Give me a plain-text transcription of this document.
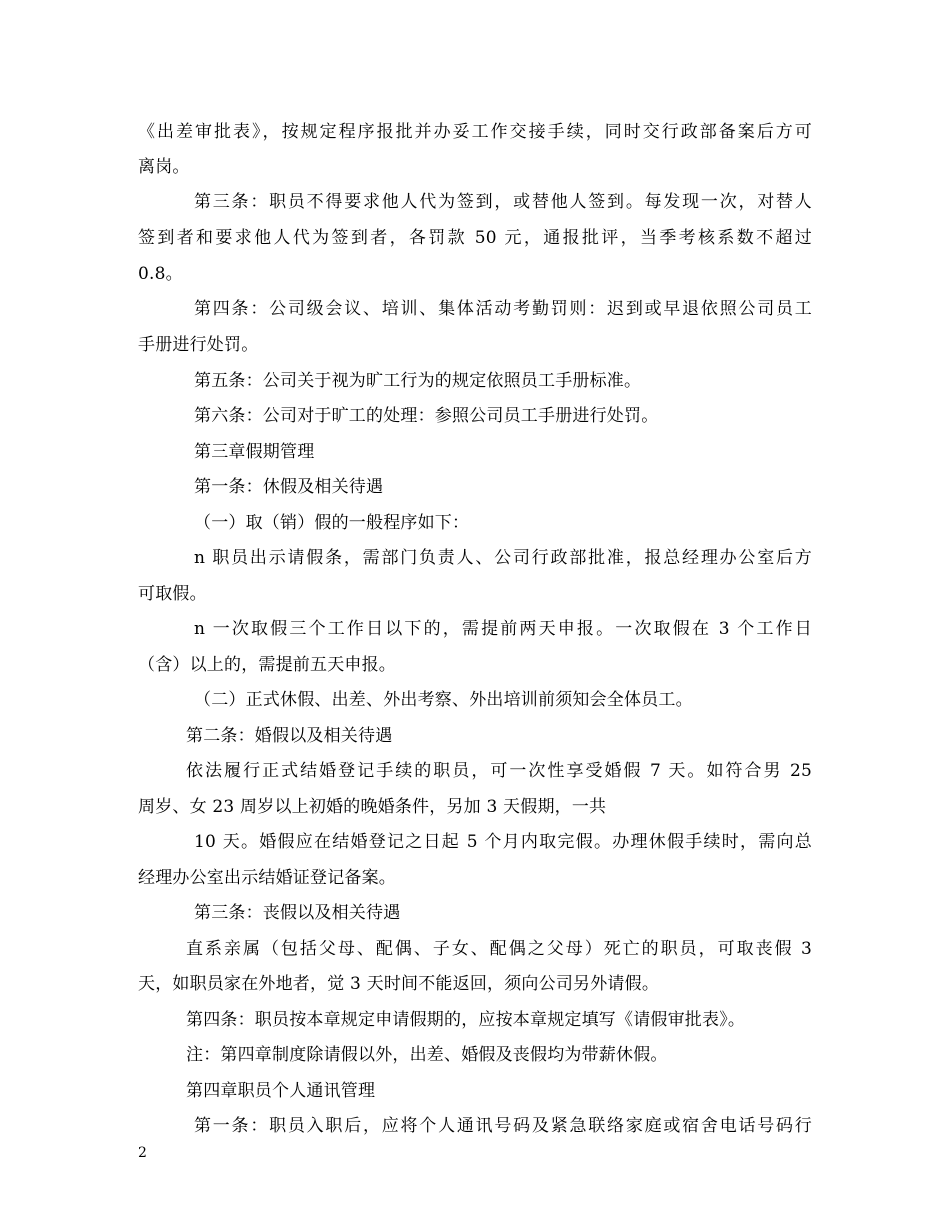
《出差审批表》，按规定程序报批并办妥工作交接手续，同时交行政部备案后方可
离岗。
第三条：职员不得要求他人代为签到，或替他人签到。每发现一次，对替人
签到者和要求他人代为签到者，各罚款 50 元，通报批评，当季考核系数不超过
0.8。
第四条：公司级会议、培训、集体活动考勤罚则：迟到或早退依照公司员工
手册进行处罚。
第五条：公司关于视为旷工行为的规定依照员工手册标准。
第六条：公司对于旷工的处理：参照公司员工手册进行处罚。
第三章假期管理
第一条：休假及相关待遇
（一）取（销）假的一般程序如下：
n 职员出示请假条，需部门负责人、公司行政部批准，报总经理办公室后方
可取假。
n 一次取假三个工作日以下的，需提前两天申报。一次取假在 3 个工作日
（含）以上的，需提前五天申报。
（二）正式休假、出差、外出考察、外出培训前须知会全体员工。
第二条：婚假以及相关待遇
依法履行正式结婚登记手续的职员，可一次性享受婚假 7 天。如符合男 25
周岁、女 23 周岁以上初婚的晚婚条件，另加 3 天假期，一共
10 天。婚假应在结婚登记之日起 5 个月内取完假。办理休假手续时，需向总
经理办公室出示结婚证登记备案。
第三条：丧假以及相关待遇
直系亲属（包括父母、配偶、子女、配偶之父母）死亡的职员，可取丧假 3
天，如职员家在外地者，觉 3 天时间不能返回，须向公司另外请假。
第四条：职员按本章规定申请假期的，应按本章规定填写《请假审批表》。
注：第四章制度除请假以外，出差、婚假及丧假均为带薪休假。
第四章职员个人通讯管理
第一条：职员入职后，应将个人通讯号码及紧急联络家庭或宿舍电话号码行
2
